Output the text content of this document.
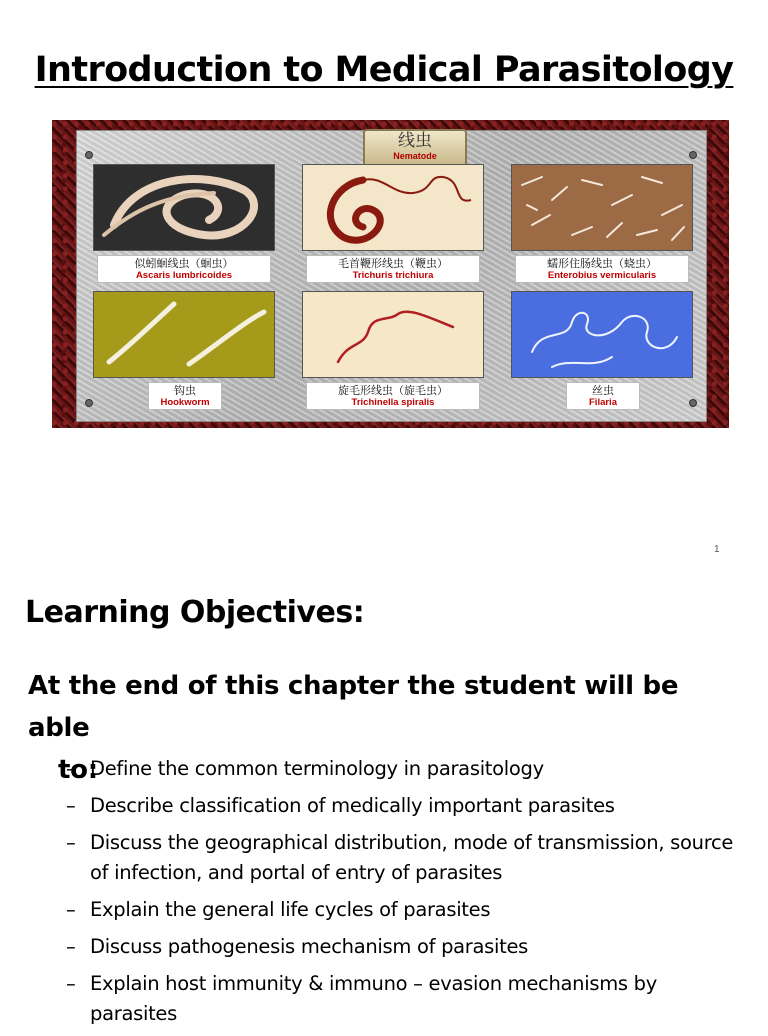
Introduction to Medical Parasitology
线虫
Nematode
似蚓蛔线虫（蛔虫）
Ascaris lumbricoides
毛首鞭形线虫（鞭虫）
Trichuris trichiura
蠕形住肠线虫（蛲虫）
Enterobius vermicularis
钩虫
Hookworm
旋毛形线虫（旋毛虫）
Trichinella spiralis
丝虫
Filaria
1
Learning Objectives:
At the end of this chapter the student will be able
to:
– Define the common terminology in parasitology
– Describe classification of medically important parasites
– Discuss the geographical distribution, mode of transmission, source of infection, and portal of entry of parasites
– Explain the general life cycles of parasites
– Discuss pathogenesis mechanism of parasites
– Explain host immunity & immuno – evasion mechanisms by parasites
